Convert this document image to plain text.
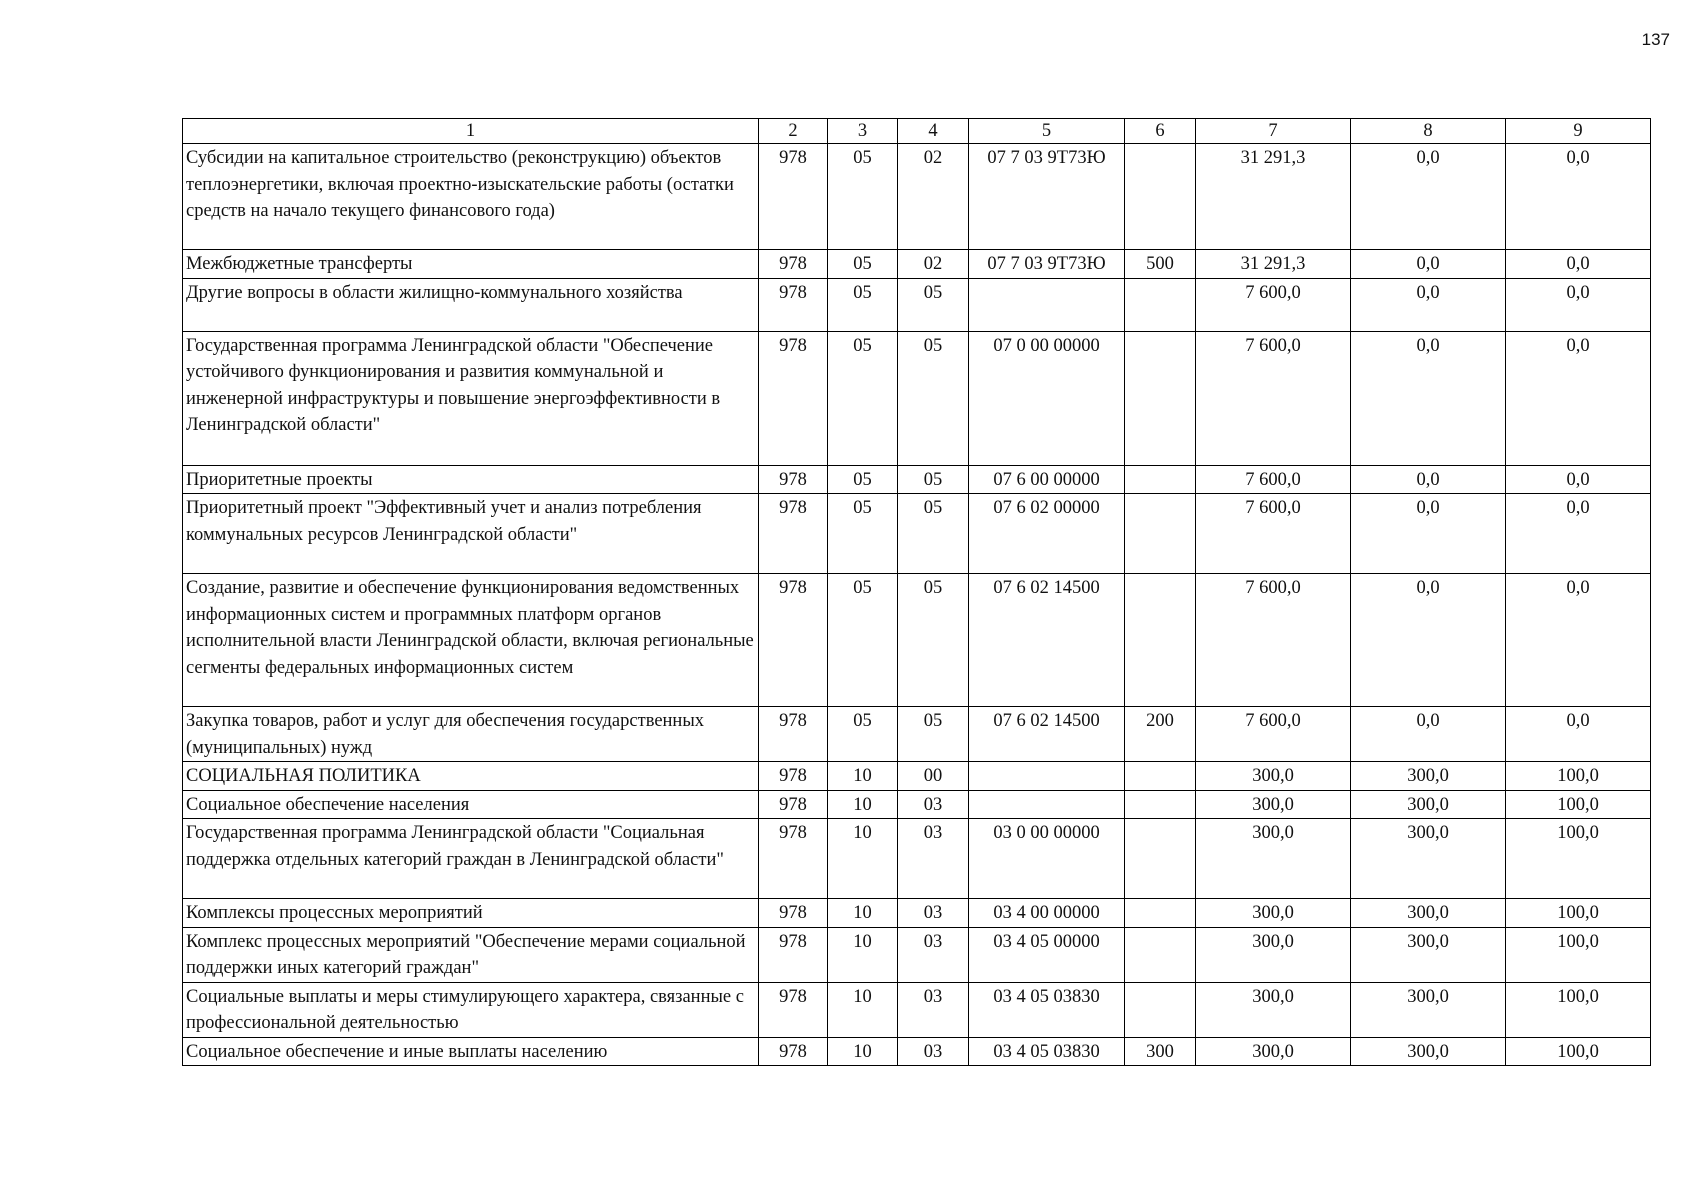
137
1	2	3	4	5	6	7	8	9
Субсидии на капитальное строительство (реконструкцию) объектов теплоэнергетики, включая проектно-изыскательские работы (остатки средств на начало текущего финансового года)	978	05	02	07 7 03 9Т73Ю		31 291,3	0,0	0,0
Межбюджетные трансферты	978	05	02	07 7 03 9Т73Ю	500	31 291,3	0,0	0,0
Другие вопросы в области жилищно-коммунального хозяйства	978	05	05			7 600,0	0,0	0,0
Государственная программа Ленинградской области "Обеспечение устойчивого функционирования и развития коммунальной и инженерной инфраструктуры и повышение энергоэффективности в Ленинградской области"	978	05	05	07 0 00 00000		7 600,0	0,0	0,0
Приоритетные проекты	978	05	05	07 6 00 00000		7 600,0	0,0	0,0
Приоритетный проект "Эффективный учет и анализ потребления коммунальных ресурсов Ленинградской области"	978	05	05	07 6 02 00000		7 600,0	0,0	0,0
Создание, развитие и обеспечение функционирования ведомственных информационных систем и программных платформ органов исполнительной власти Ленинградской области, включая региональные сегменты федеральных информационных систем	978	05	05	07 6 02 14500		7 600,0	0,0	0,0
Закупка товаров, работ и услуг для обеспечения государственных (муниципальных) нужд	978	05	05	07 6 02 14500	200	7 600,0	0,0	0,0
СОЦИАЛЬНАЯ ПОЛИТИКА	978	10	00			300,0	300,0	100,0
Социальное обеспечение населения	978	10	03			300,0	300,0	100,0
Государственная программа Ленинградской области "Социальная поддержка отдельных категорий граждан в Ленинградской области"	978	10	03	03 0 00 00000		300,0	300,0	100,0
Комплексы процессных мероприятий	978	10	03	03 4 00 00000		300,0	300,0	100,0
Комплекс процессных мероприятий "Обеспечение мерами социальной поддержки иных категорий граждан"	978	10	03	03 4 05 00000		300,0	300,0	100,0
Социальные выплаты и меры стимулирующего характера, связанные с профессиональной деятельностью	978	10	03	03 4 05 03830		300,0	300,0	100,0
Социальное обеспечение и иные выплаты населению	978	10	03	03 4 05 03830	300	300,0	300,0	100,0
